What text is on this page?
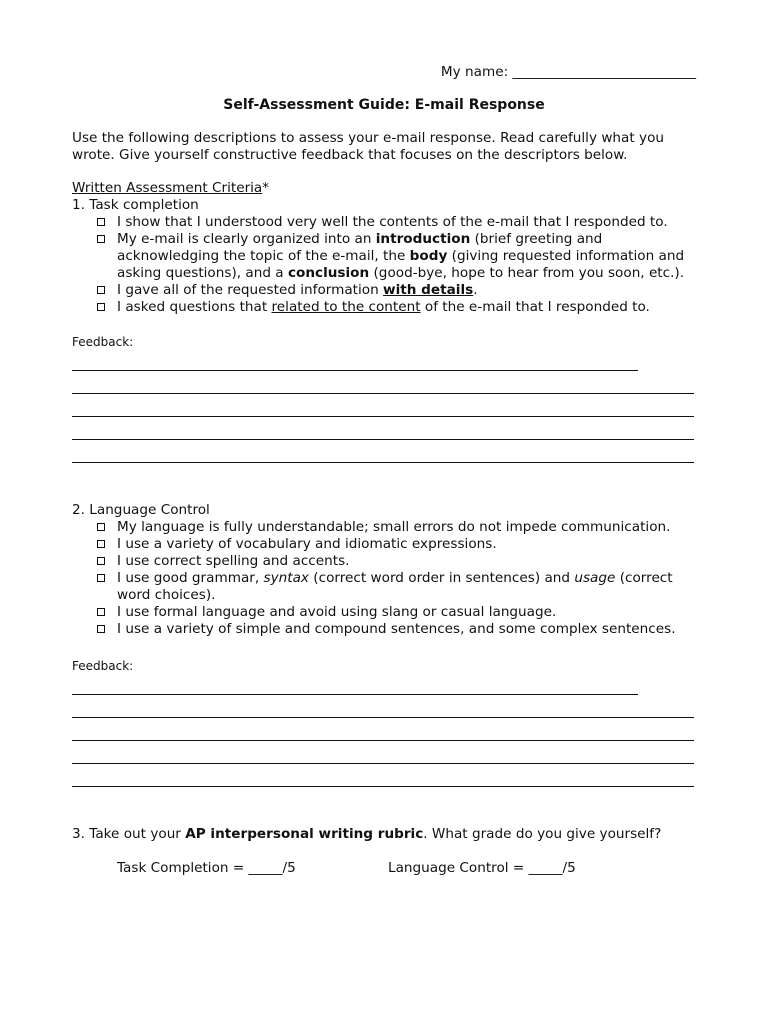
My name: ___________________________
Self-Assessment Guide: E-mail Response
Use the following descriptions to assess your e-mail response. Read carefully what you wrote. Give yourself constructive feedback that focuses on the descriptors below.
Written Assessment Criteria*
1. Task completion
I show that I understood very well the contents of the e-mail that I responded to.
My e-mail is clearly organized into an introduction (brief greeting and acknowledging the topic of the e-mail, the body (giving requested information and asking questions), and a conclusion (good-bye, hope to hear from you soon, etc.).
I gave all of the requested information with details.
I asked questions that related to the content of the e-mail that I responded to.
Feedback:
2. Language Control
My language is fully understandable; small errors do not impede communication.
I use a variety of vocabulary and idiomatic expressions.
I use correct spelling and accents.
I use good grammar, syntax (correct word order in sentences) and usage (correct word choices).
I use formal language and avoid using slang or casual language.
I use a variety of simple and compound sentences, and some complex sentences.
Feedback:
3. Take out your AP interpersonal writing rubric. What grade do you give yourself?
Task Completion = _____/5	Language Control = _____/5
